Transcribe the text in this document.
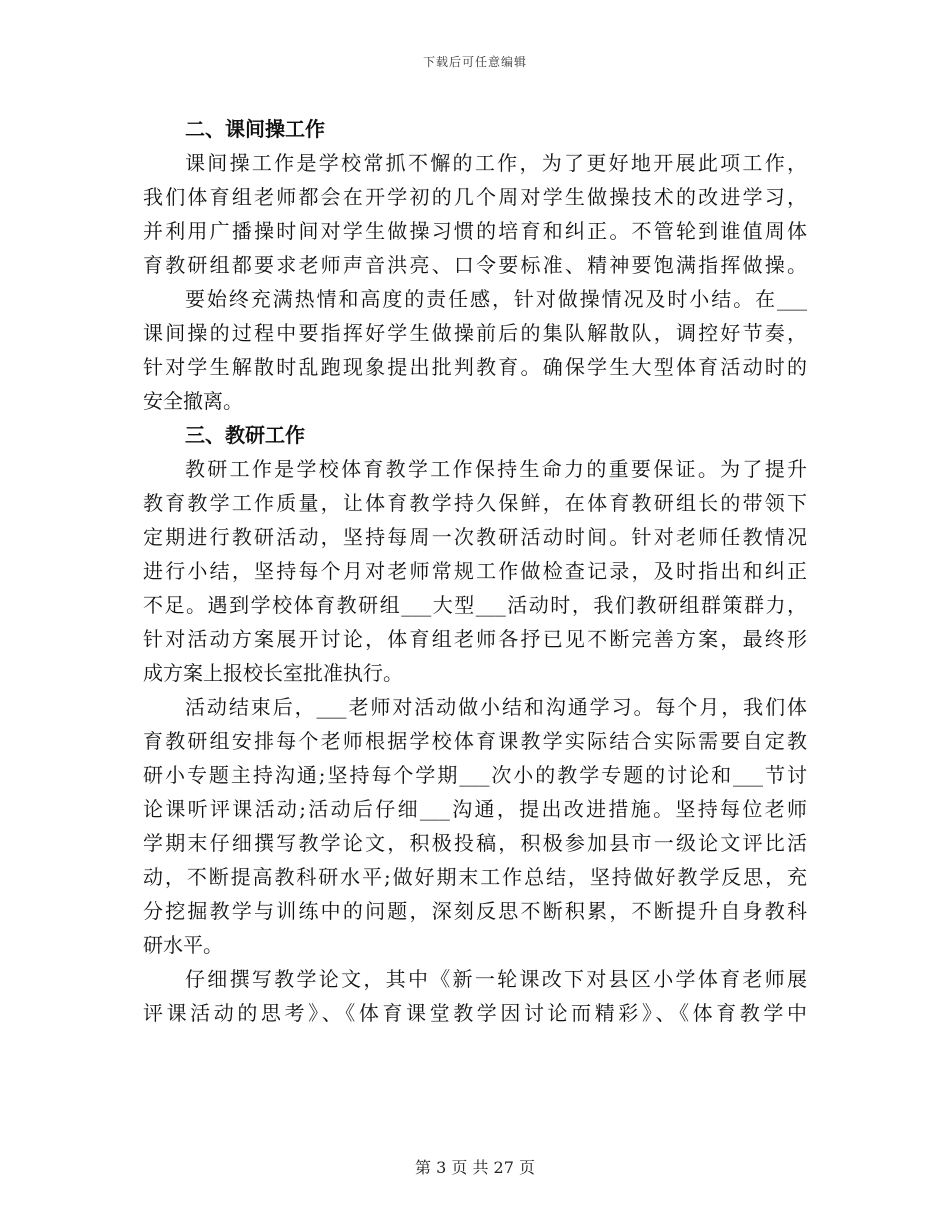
下载后可任意编辑
二、课间操工作
课间操工作是学校常抓不懈的工作，为了更好地开展此项工作，
我们体育组老师都会在开学初的几个周对学生做操技术的改进学习，
并利用广播操时间对学生做操习惯的培育和纠正。不管轮到谁值周体
育教研组都要求老师声音洪亮、口令要标准、精神要饱满指挥做操。
要始终充满热情和高度的责任感，针对做操情况及时小结。在___
课间操的过程中要指挥好学生做操前后的集队解散队，调控好节奏，
针对学生解散时乱跑现象提出批判教育。确保学生大型体育活动时的
安全撤离。
三、教研工作
教研工作是学校体育教学工作保持生命力的重要保证。为了提升
教育教学工作质量，让体育教学持久保鲜，在体育教研组长的带领下
定期进行教研活动，坚持每周一次教研活动时间。针对老师任教情况
进行小结，坚持每个月对老师常规工作做检查记录，及时指出和纠正
不足。遇到学校体育教研组___大型___活动时，我们教研组群策群力，
针对活动方案展开讨论，体育组老师各抒已见不断完善方案，最终形
成方案上报校长室批准执行。
活动结束后，___老师对活动做小结和沟通学习。每个月，我们体
育教研组安排每个老师根据学校体育课教学实际结合实际需要自定教
研小专题主持沟通;坚持每个学期___次小的教学专题的讨论和___节讨
论课听评课活动;活动后仔细___沟通，提出改进措施。坚持每位老师
学期末仔细撰写教学论文，积极投稿，积极参加县市一级论文评比活
动，不断提高教科研水平;做好期末工作总结，坚持做好教学反思，充
分挖掘教学与训练中的问题，深刻反思不断积累，不断提升自身教科
研水平。
仔细撰写教学论文，其中《新一轮课改下对县区小学体育老师展
评课活动的思考》、《体育课堂教学因讨论而精彩》、《体育教学中
第 3 页 共 27 页
